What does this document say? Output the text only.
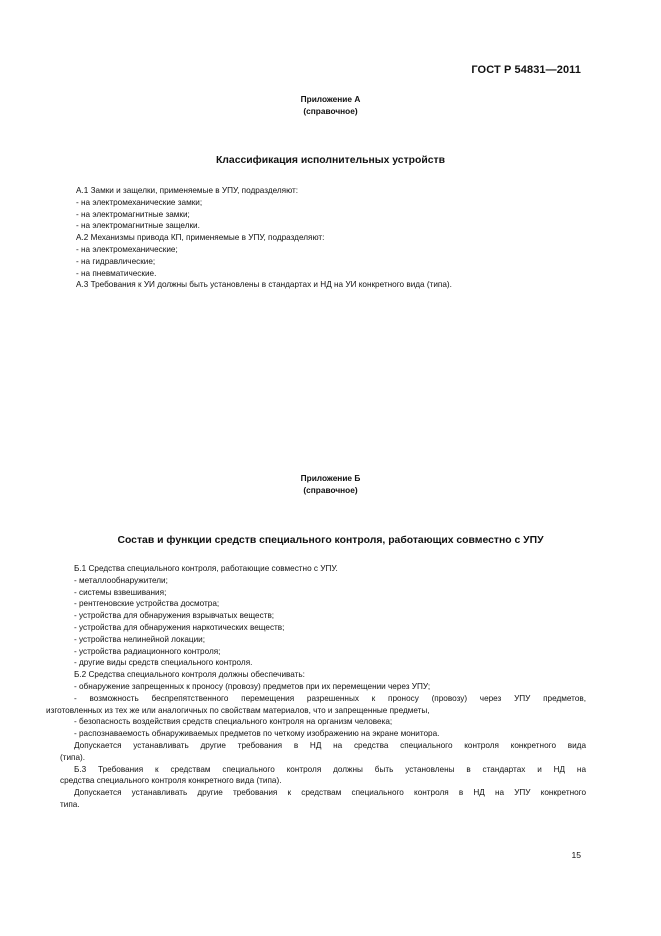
ГОСТ Р 54831—2011
Приложение А
(справочное)
Классификация исполнительных устройств
А.1 Замки и защелки, применяемые в УПУ, подразделяют:
- на электромеханические замки;
- на электромагнитные замки;
- на электромагнитные защелки.
А.2 Механизмы привода КП, применяемые в УПУ, подразделяют:
- на электромеханические;
- на гидравлические;
- на пневматические.
А.3 Требования к УИ должны быть установлены в стандартах и НД на УИ конкретного вида (типа).
Приложение Б
(справочное)
Состав и функции средств специального контроля, работающих совместно с УПУ
Б.1 Средства специального контроля, работающие совместно с УПУ.
- металлообнаружители;
- системы взвешивания;
- рентгеновские устройства досмотра;
- устройства для обнаружения взрывчатых веществ;
- устройства для обнаружения наркотических веществ;
- устройства нелинейной локации;
- устройства радиационного контроля;
- другие виды средств специального контроля.
Б.2 Средства специального контроля должны обеспечивать:
- обнаружение запрещенных к проносу (провозу) предметов при их перемещении через УПУ;
- возможность беспрепятственного перемещения разрешенных к проносу (провозу) через УПУ предметов,
изготовленных из тех же или аналогичных по свойствам материалов, что и запрещенные предметы,
- безопасность воздействия средств специального контроля на организм человека;
- распознаваемость обнаруживаемых предметов по четкому изображению на экране монитора.
Допускается устанавливать другие требования в НД на средства специального контроля конкретного вида
(типа).
Б.3 Требования к средствам специального контроля должны быть установлены в стандартах и НД на
средства специального контроля конкретного вида (типа).
Допускается устанавливать другие требования к средствам специального контроля в НД на УПУ конкретного
типа.
15
